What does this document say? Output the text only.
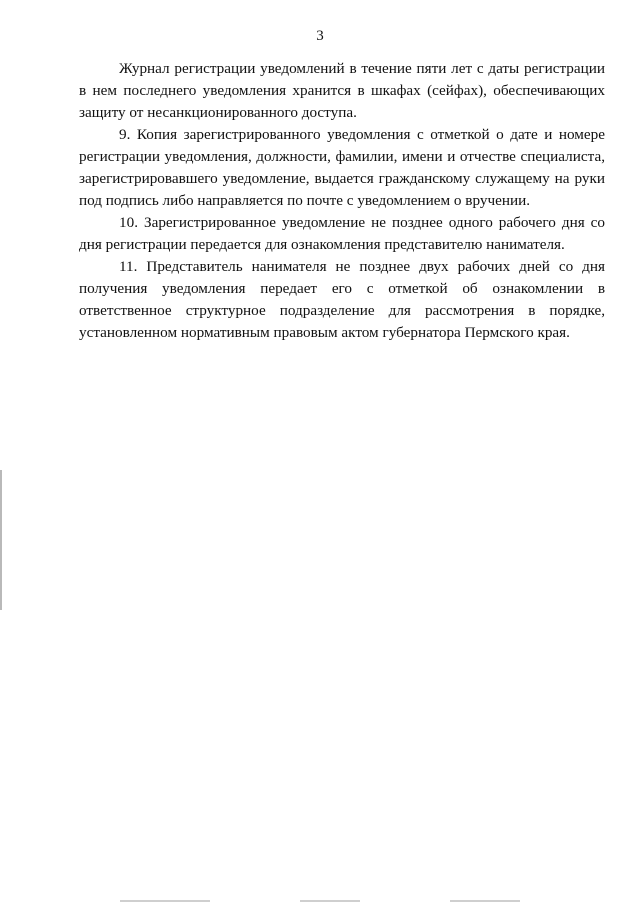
3

Журнал регистрации уведомлений в течение пяти лет с даты регистрации в нем последнего уведомления хранится в шкафах (сейфах), обеспечивающих защиту от несанкционированного доступа.

9. Копия зарегистрированного уведомления с отметкой о дате и номере регистрации уведомления, должности, фамилии, имени и отчестве специалиста, зарегистрировавшего уведомление, выдается гражданскому служащему на руки под подпись либо направляется по почте с уведомлением о вручении.

10. Зарегистрированное уведомление не позднее одного рабочего дня со дня регистрации передается для ознакомления представителю нанимателя.

11. Представитель нанимателя не позднее двух рабочих дней со дня получения уведомления передает его с отметкой об ознакомлении в ответственное структурное подразделение для рассмотрения в порядке, установленном нормативным правовым актом губернатора Пермского края.
